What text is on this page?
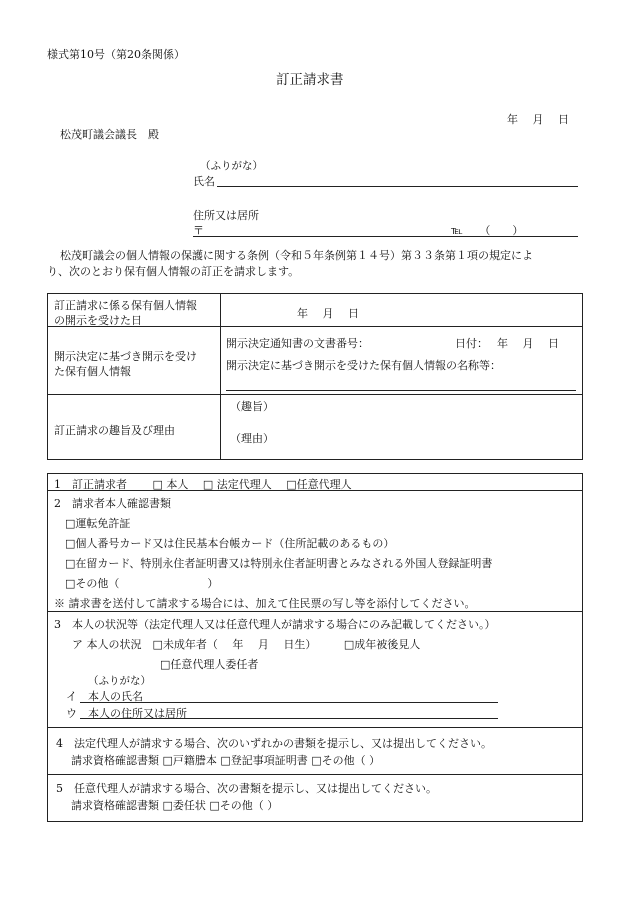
様式第10号（第20条関係）
訂正請求書
年　 月　 日
松茂町議会議長　殿
（ふりがな）
氏名
住所又は居所
〒	℡　　（　　）
松茂町議会の個人情報の保護に関する条例（令和５年条例第１４号）第３３条第１項の規定によ
り、次のとおり保有個人情報の訂正を請求します。
訂正請求に係る保有個人情報
の開示を受けた日
年　 月　 日
開示決定に基づき開示を受け
た保有個人情報
開示決定通知書の文書番号：	日付：　 年　 月　 日
開示決定に基づき開示を受けた保有個人情報の名称等：
訂正請求の趣旨及び理由
（趣旨）
（理由）
1　訂正請求者　　 □ 本人　 □ 法定代理人　 □任意代理人
2　請求者本人確認書類
□運転免許証
□個人番号カード又は住民基本台帳カード（住所記載のあるもの）
□在留カード、特別永住者証明書又は特別永住者証明書とみなされる外国人登録証明書
□その他（　　　　　　　　）
※ 請求書を送付して請求する場合には、加えて住民票の写し等を添付してください。
3　本人の状況等（法定代理人又は任意代理人が請求する場合にのみ記載してください。）
ア 本人の状況　□未成年者（　 年　 月　 日生）　　　□成年被後見人
□任意代理人委任者
（ふりがな）
イ　本人の氏名
ウ　本人の住所又は居所
4　法定代理人が請求する場合、次のいずれかの書類を提示し、又は提出してください。
請求資格確認書類 □戸籍謄本 □登記事項証明書 □その他（ ）
5　任意代理人が請求する場合、次の書類を提示し、又は提出してください。
請求資格確認書類 □委任状 □その他（ ）
